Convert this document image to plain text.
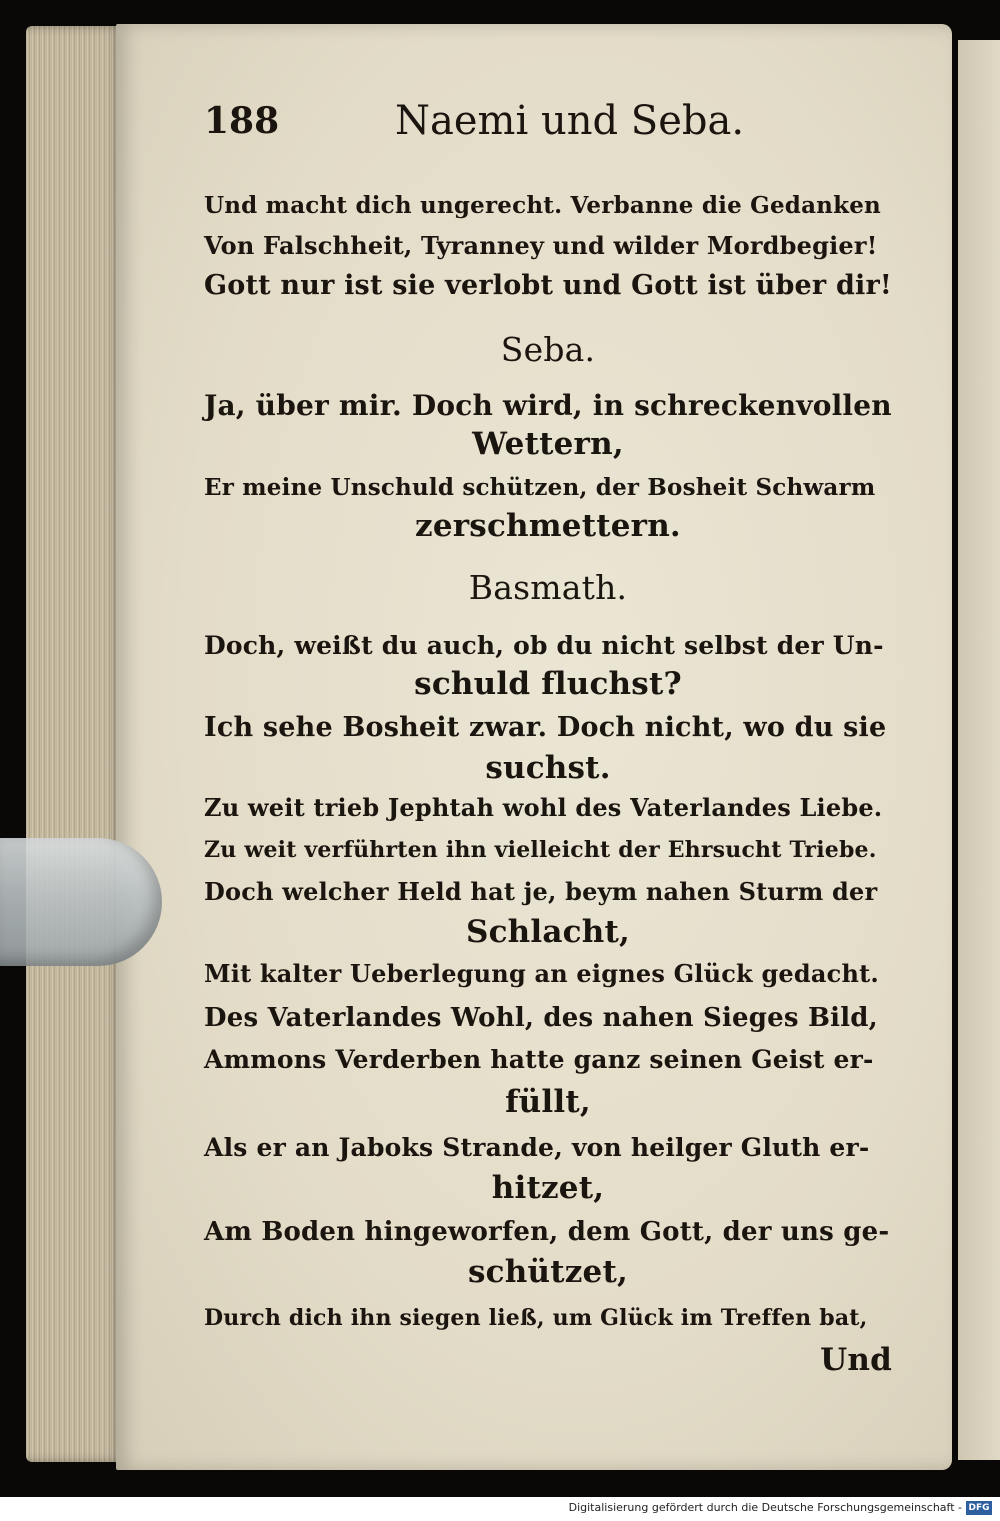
188	Naemi und Seba.
Und macht dich ungerecht. Verbanne die Gedanken
Von Falschheit, Tyranney und wilder Mordbegier!
Gott nur ist sie verlobt und Gott ist über dir!
Seba.
Ja, über mir. Doch wird, in schreckenvollen
Wettern,
Er meine Unschuld schützen, der Bosheit Schwarm
zerschmettern.
Basmath.
Doch, weißt du auch, ob du nicht selbst der Un-
schuld fluchst?
Ich sehe Bosheit zwar. Doch nicht, wo du sie
suchst.
Zu weit trieb Jephtah wohl des Vaterlandes Liebe.
Zu weit verführten ihn vielleicht der Ehrsucht Triebe.
Doch welcher Held hat je, beym nahen Sturm der
Schlacht,
Mit kalter Ueberlegung an eignes Glück gedacht.
Des Vaterlandes Wohl, des nahen Sieges Bild,
Ammons Verderben hatte ganz seinen Geist er-
füllt,
Als er an Jaboks Strande, von heilger Gluth er-
hitzet,
Am Boden hingeworfen, dem Gott, der uns ge-
schützet,
Durch dich ihn siegen ließ, um Glück im Treffen bat,
Und
Digitalisierung gefördert durch die Deutsche Forschungsgemeinschaft - DFG
